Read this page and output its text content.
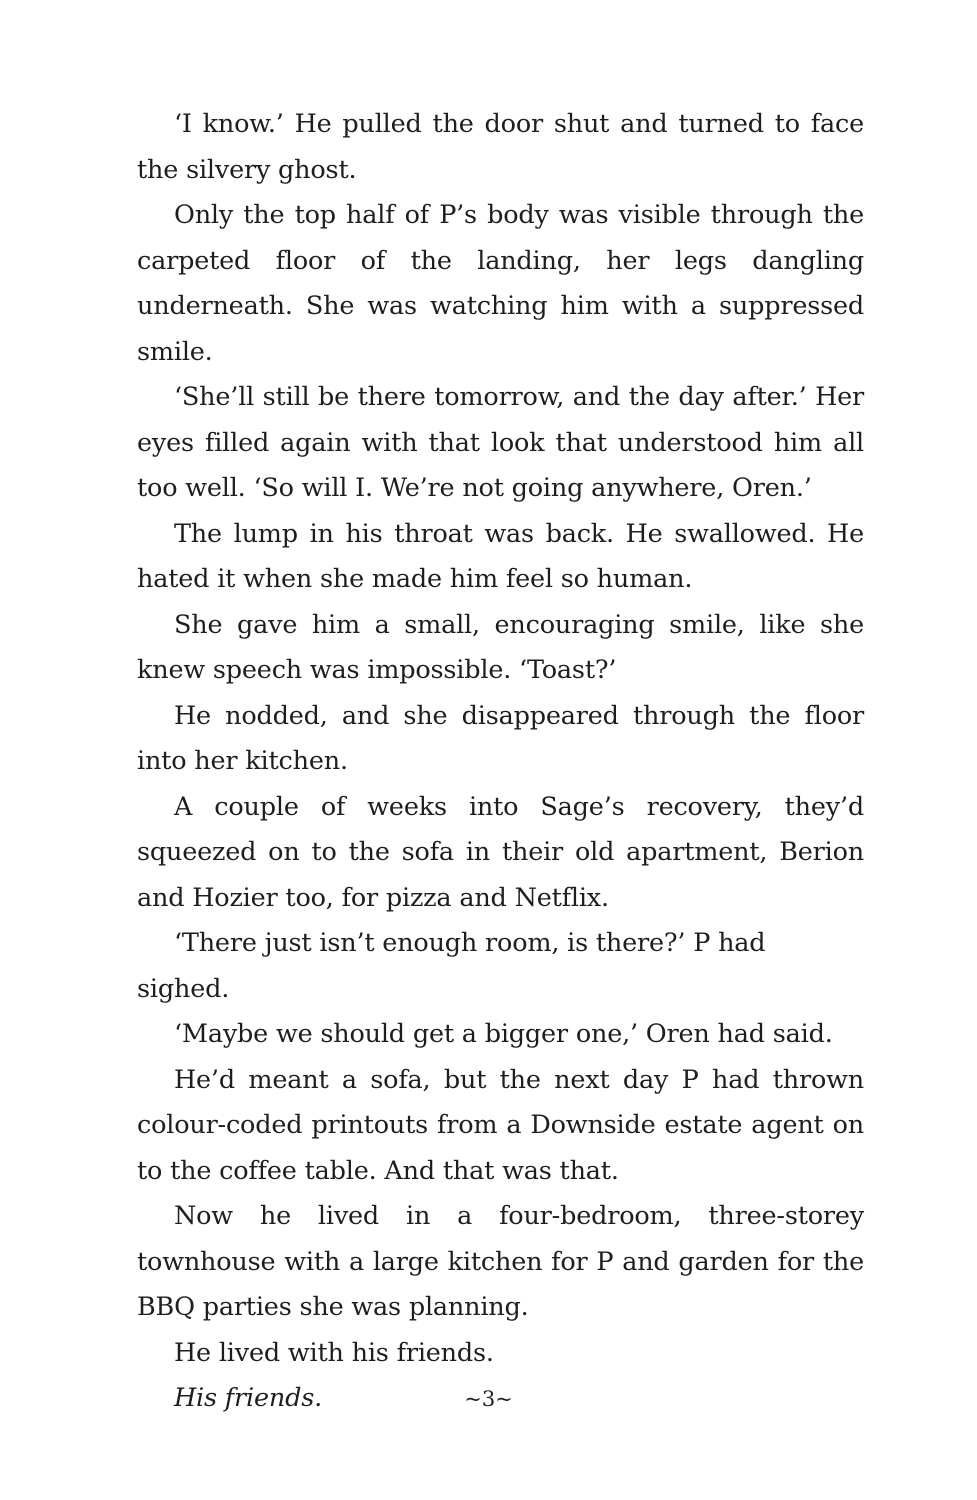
‘I know.’ He pulled the door shut and turned to face the silvery ghost.

Only the top half of P’s body was visible through the carpeted floor of the landing, her legs dangling underneath. She was watching him with a suppressed smile.

‘She’ll still be there tomorrow, and the day after.’ Her eyes filled again with that look that understood him all too well. ‘So will I. We’re not going anywhere, Oren.’

The lump in his throat was back. He swallowed. He hated it when she made him feel so human.

She gave him a small, encouraging smile, like she knew speech was impossible. ‘Toast?’

He nodded, and she disappeared through the floor into her kitchen.

A couple of weeks into Sage’s recovery, they’d squeezed on to the sofa in their old apartment, Berion and Hozier too, for pizza and Netflix.

‘There just isn’t enough room, is there?’ P had sighed.

‘Maybe we should get a bigger one,’ Oren had said.

He’d meant a sofa, but the next day P had thrown colour-coded printouts from a Downside estate agent on to the coffee table. And that was that.

Now he lived in a four-bedroom, three-storey townhouse with a large kitchen for P and garden for the BBQ parties she was planning.

He lived with his friends.

His friends.	~3~
